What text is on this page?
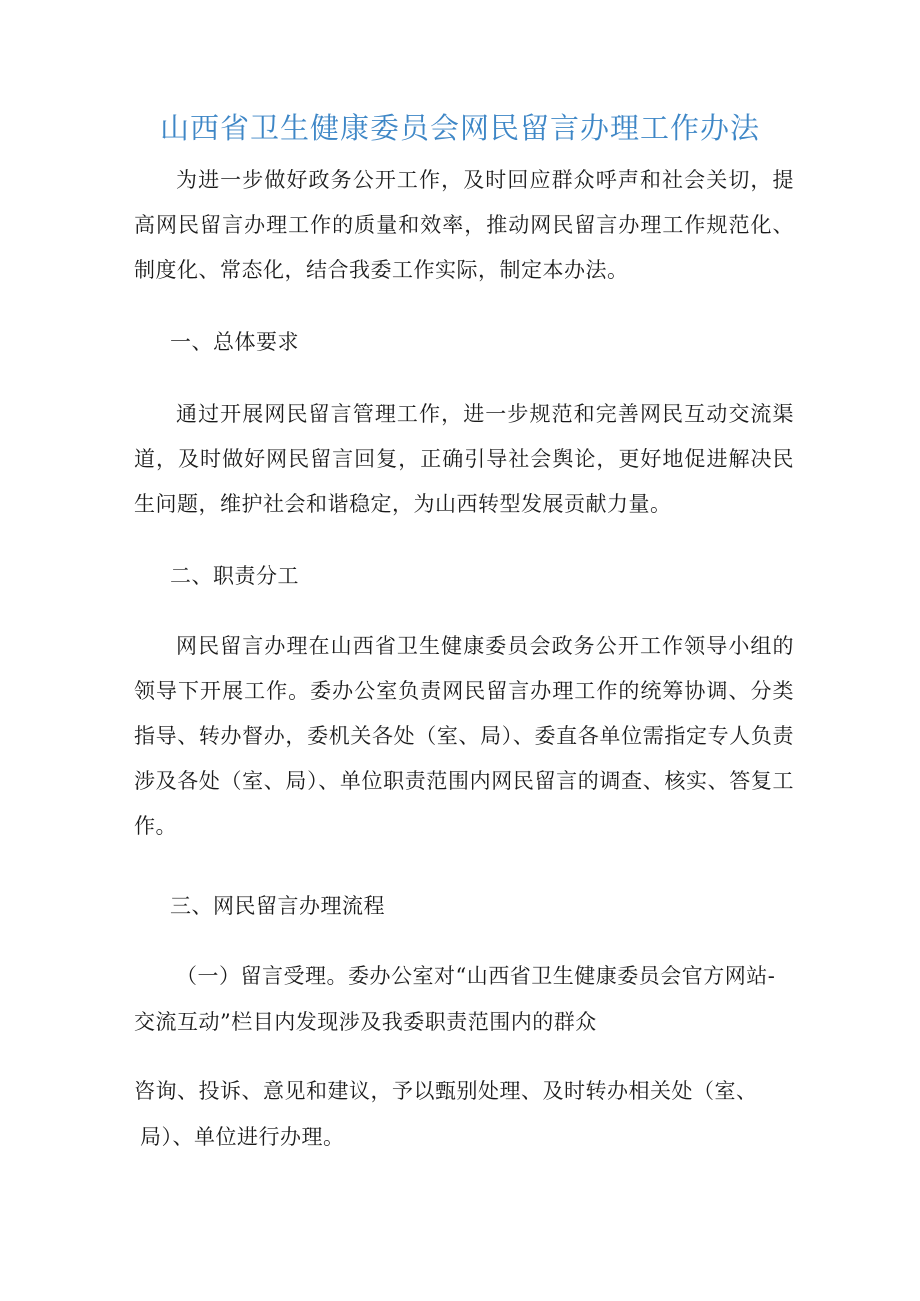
山西省卫生健康委员会网民留言办理工作办法

为进一步做好政务公开工作，及时回应群众呼声和社会关切，提高网民留言办理工作的质量和效率，推动网民留言办理工作规范化、制度化、常态化，结合我委工作实际，制定本办法。

一、总体要求

通过开展网民留言管理工作，进一步规范和完善网民互动交流渠道，及时做好网民留言回复，正确引导社会舆论，更好地促进解决民生问题，维护社会和谐稳定，为山西转型发展贡献力量。

二、职责分工

网民留言办理在山西省卫生健康委员会政务公开工作领导小组的领导下开展工作。委办公室负责网民留言办理工作的统筹协调、分类指导、转办督办，委机关各处（室、局）、委直各单位需指定专人负责涉及各处（室、局）、单位职责范围内网民留言的调查、核实、答复工作。

三、网民留言办理流程

（一）留言受理。委办公室对“山西省卫生健康委员会官方网站-

交流互动”栏目内发现涉及我委职责范围内的群众

咨询、投诉、意见和建议，予以甄别处理、及时转办相关处（室、

局）、单位进行办理。
